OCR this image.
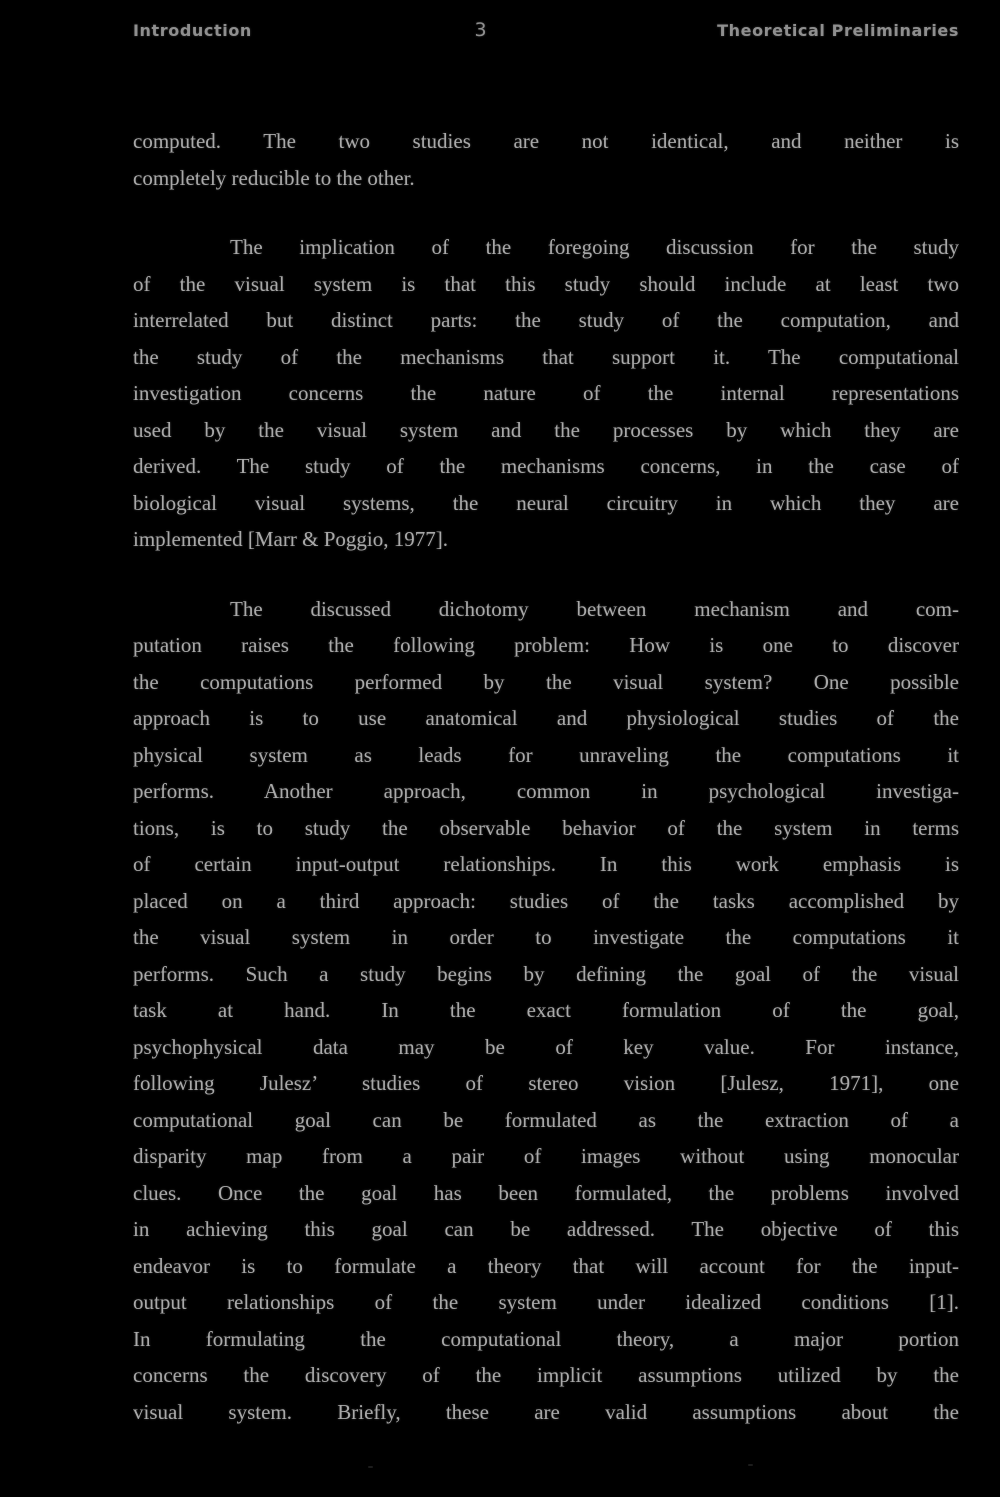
Introduction	3	Theoretical Preliminaries
computed. The two studies are not identical, and neither is
completely reducible to the other.
The implication of the foregoing discussion for the study
of the visual system is that this study should include at least two
interrelated but distinct parts: the study of the computation, and
the study of the mechanisms that support it. The computational
investigation concerns the nature of the internal representations
used by the visual system and the processes by which they are
derived. The study of the mechanisms concerns, in the case of
biological visual systems, the neural circuitry in which they are
implemented [Marr & Poggio, 1977].
The discussed dichotomy between mechanism and com-
putation raises the following problem: How is one to discover
the computations performed by the visual system? One possible
approach is to use anatomical and physiological studies of the
physical system as leads for unraveling the computations it
performs. Another approach, common in psychological investiga-
tions, is to study the observable behavior of the system in terms
of certain input-output relationships. In this work emphasis is
placed on a third approach: studies of the tasks accomplished by
the visual system in order to investigate the computations it
performs. Such a study begins by defining the goal of the visual
task at hand. In the exact formulation of the goal,
psychophysical data may be of key value. For instance,
following Julesz’ studies of stereo vision [Julesz, 1971], one
computational goal can be formulated as the extraction of a
disparity map from a pair of images without using monocular
clues. Once the goal has been formulated, the problems involved
in achieving this goal can be addressed. The objective of this
endeavor is to formulate a theory that will account for the input-
output relationships of the system under idealized conditions [1].
In formulating the computational theory, a major portion
concerns the discovery of the implicit assumptions utilized by the
visual system. Briefly, these are valid assumptions about the
